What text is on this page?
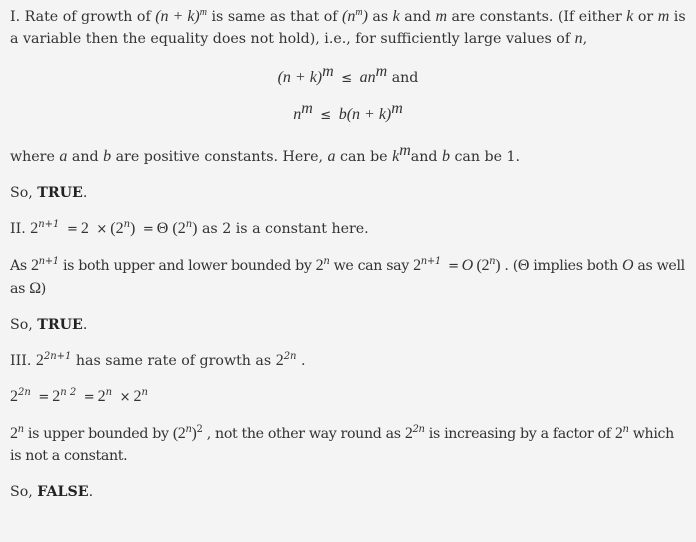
I. Rate of growth of $(n + k)^m$ is same as that of $(n^m)$ as k and m are constants. (If either k or m is a variable then the equality does not hold), i.e., for sufficiently large values of n,

$(n + k)^m \le an^m$ and

$n^m \le b(n + k)^m$

where a and b are positive constants. Here, a can be $k^mand$ b can be 1.

So, TRUE.

II. $2^{n+1} = 2 \times (2^n) = \Theta$ (2$^n$) as 2 is a constant here.

As $2^{n+1}$ is both upper and lower bounded by 2$^n$ we can say $2^{n+1} = O$ (2$^n$) . (Θ implies both O as well as Ω)

So, TRUE.

III. $2^{2n+1}$ has same rate of growth as $2^{2n}$ .

$2^{2n} = 2^{n 2} = 2^n \times 2^n$

2$^n$ is upper bounded by $(2^n)^2$ , not the other way round as $2^{2n}$ is increasing by a factor of 2$^n$ which is not a constant.

So, FALSE.
